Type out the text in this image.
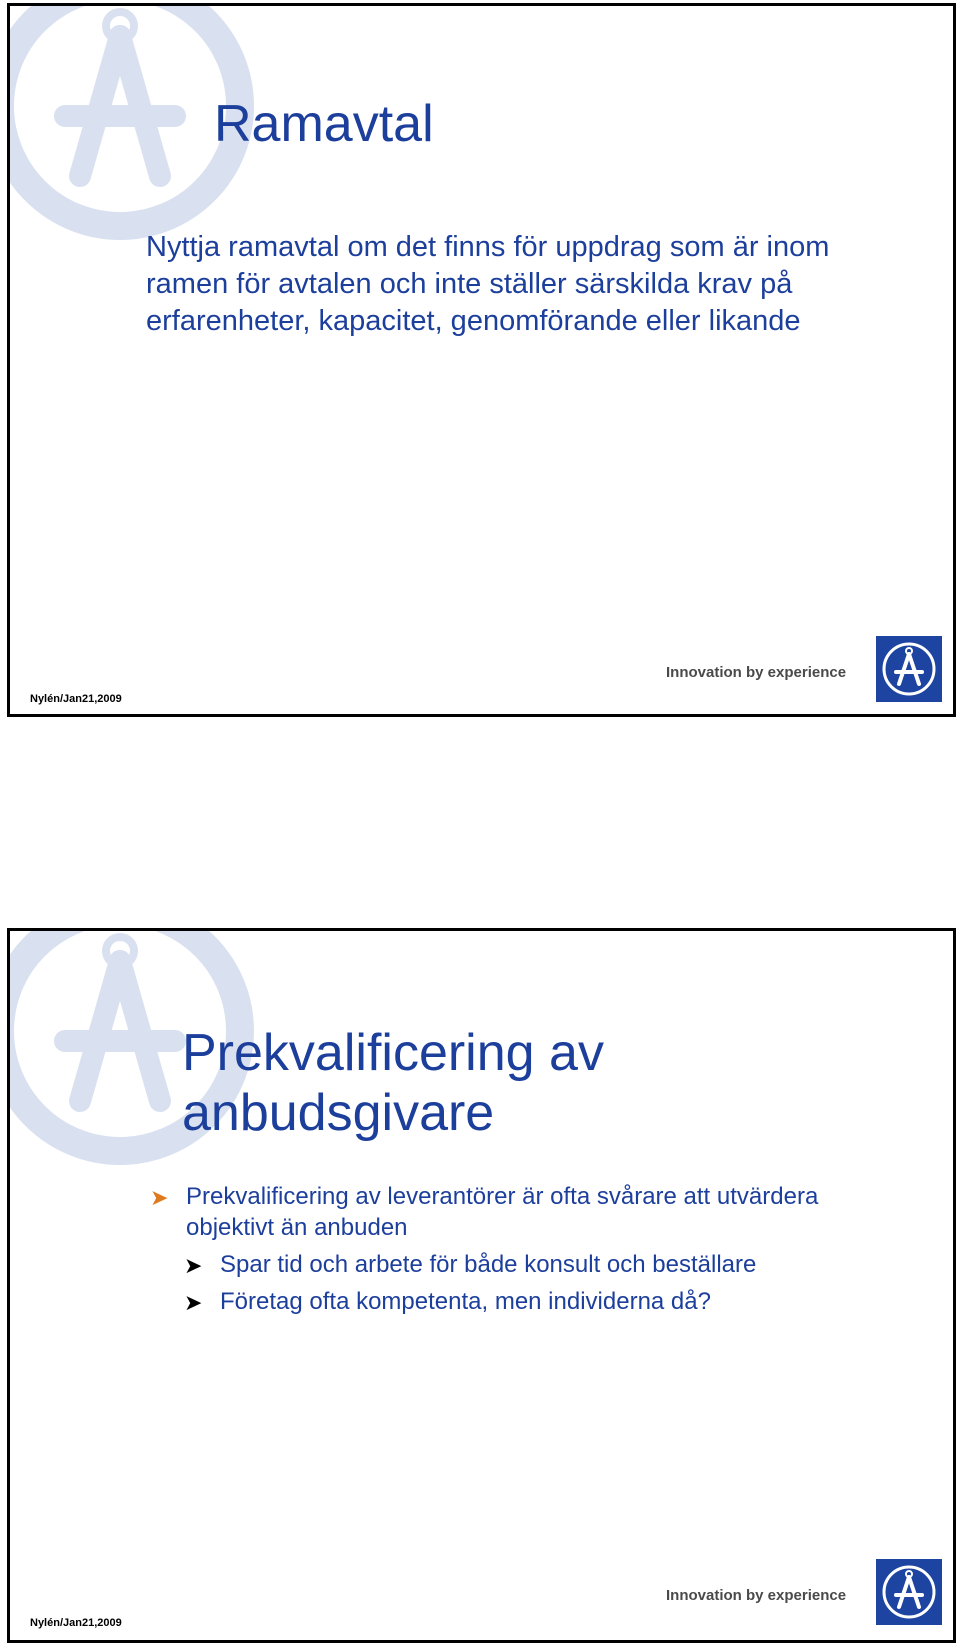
Ramavtal

Nyttja ramavtal om det finns för uppdrag som är inom ramen för avtalen och inte ställer särskilda krav på erfarenheter, kapacitet, genomförande eller likande

Nylén/Jan21,2009
Innovation by experience
Prekvalificering av anbudsgivare
➤ Prekvalificering av leverantörer är ofta svårare att utvärdera objektivt än anbuden
➤ Spar tid och arbete för både konsult och beställare
➤ Företag ofta kompetenta, men individerna då?
Nylén/Jan21,2009
Innovation by experience
